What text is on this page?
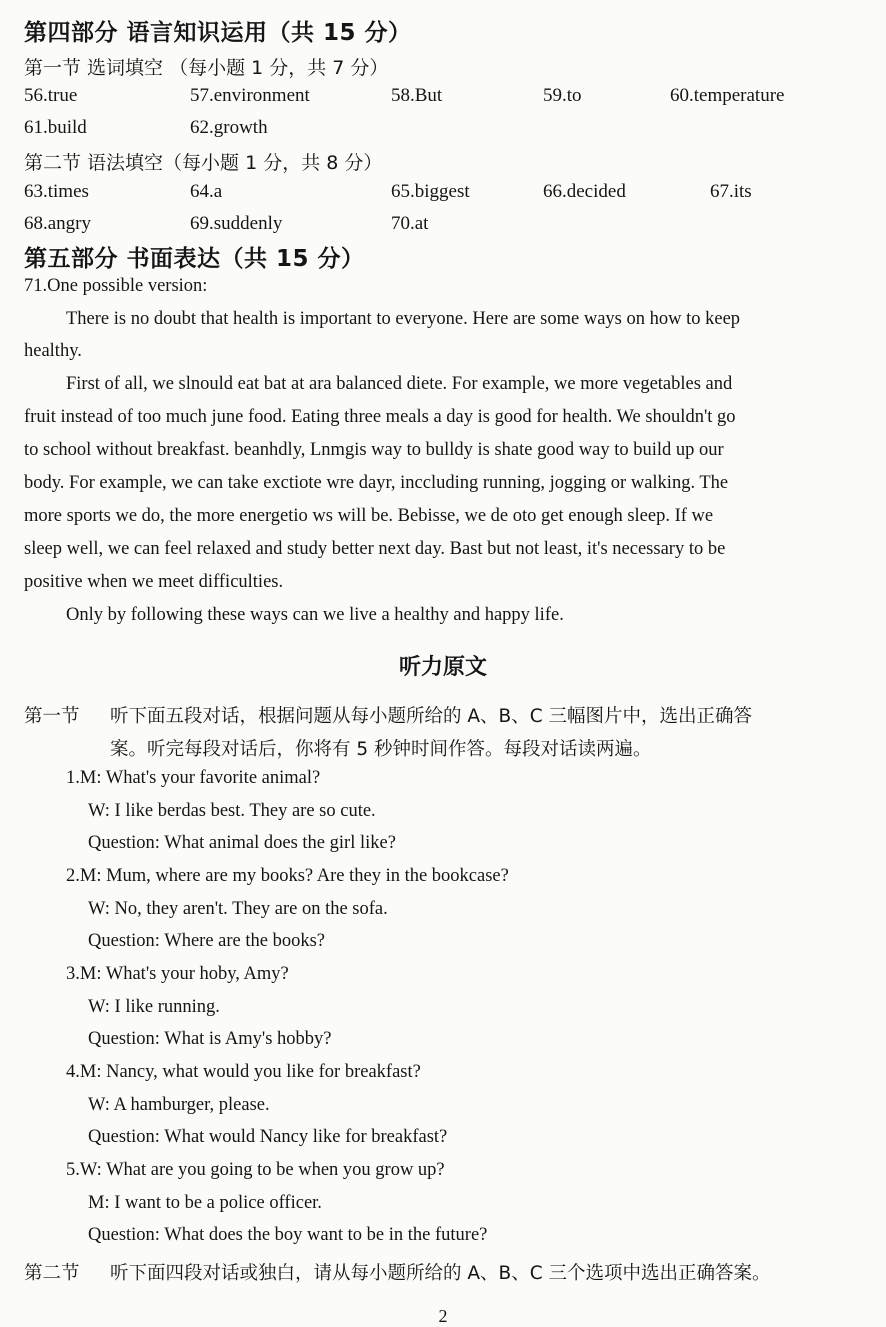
第四部分 语言知识运用（共 15 分）
第一节 选词填空 （每小题 1 分，共 7 分）
56.true	57.environment	58.But	59.to	60.temperature
61.build	62.growth
第二节 语法填空（每小题 1 分，共 8 分）
63.times	64.a	65.biggest	66.decided	67.its
68.angry	69.suddenly	70.at
第五部分 书面表达（共 15 分）
71.One possible version:
There is no doubt that health is important to everyone. Here are some ways on how to keep
healthy.
First of all, we slnould eat bat at ara balanced diete. For example, we more vegetables and
fruit instead of too much june food. Eating three meals a day is good for health. We shouldn't go
to school without breakfast. beanhdly, Lnmgis way to bulldy is shate good way to build up our
body. For example, we can take exctiote wre dayr, inccluding running, jogging or walking. The
more sports we do, the more energetio ws will be. Bebisse, we de oto get enough sleep. If we
sleep well, we can feel relaxed and study better next day. Bast but not least, it's necessary to be
positive when we meet difficulties.
Only by following these ways can we live a healthy and happy life.
听力原文
第一节 听下面五段对话，根据问题从每小题所给的 A、B、C 三幅图片中，选出正确答
案。听完每段对话后，你将有 5 秒钟时间作答。每段对话读两遍。
1.M: What's your favorite animal?
W: I like berdas best. They are so cute.
Question: What animal does the girl like?
2.M: Mum, where are my books? Are they in the bookcase?
W: No, they aren't. They are on the sofa.
Question: Where are the books?
3.M: What's your hoby, Amy?
W: I like running.
Question: What is Amy's hobby?
4.M: Nancy, what would you like for breakfast?
W: A hamburger, please.
Question: What would Nancy like for breakfast?
5.W: What are you going to be when you grow up?
M: I want to be a police officer.
Question: What does the boy want to be in the future?
第二节 听下面四段对话或独白，请从每小题所给的 A、B、C 三个选项中选出正确答案。
2
